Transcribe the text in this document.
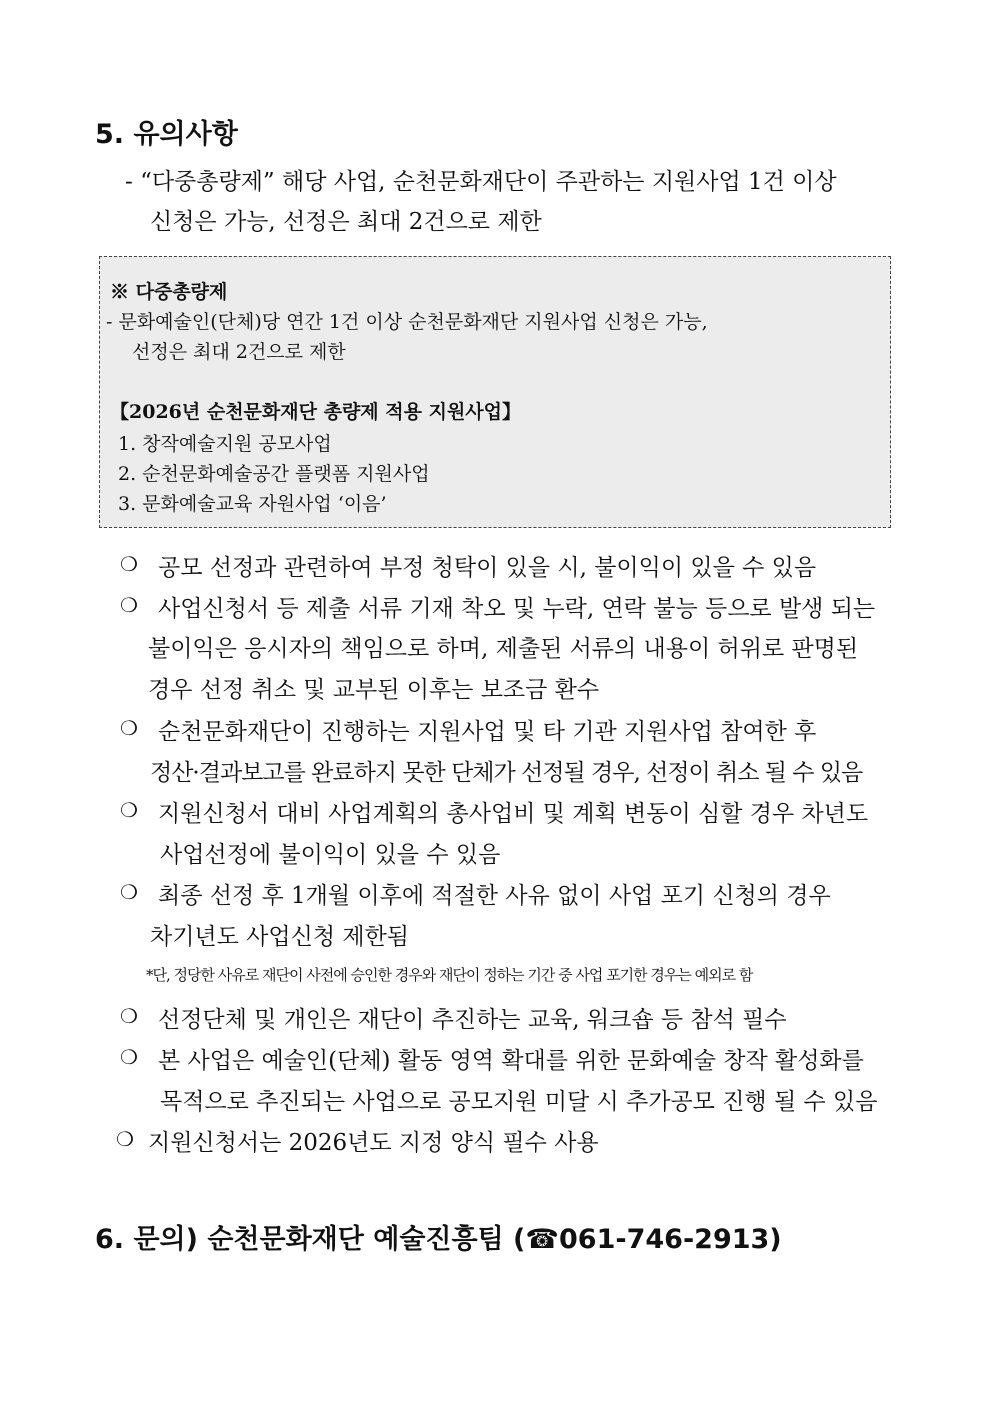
5. 유의사항
- “다중총량제” 해당 사업, 순천문화재단이 주관하는 지원사업 1건 이상
신청은 가능, 선정은 최대 2건으로 제한
※ 다중총량제
- 문화예술인(단체)당 연간 1건 이상 순천문화재단 지원사업 신청은 가능,
선정은 최대 2건으로 제한
【2026년 순천문화재단 총량제 적용 지원사업】
1. 창작예술지원 공모사업
2. 순천문화예술공간 플랫폼 지원사업
3. 문화예술교육 자원사업 ‘이음’
❍ 공모 선정과 관련하여 부정 청탁이 있을 시, 불이익이 있을 수 있음
❍ 사업신청서 등 제출 서류 기재 착오 및 누락, 연락 불능 등으로 발생 되는
불이익은 응시자의 책임으로 하며, 제출된 서류의 내용이 허위로 판명된
경우 선정 취소 및 교부된 이후는 보조금 환수
❍ 순천문화재단이 진행하는 지원사업 및 타 기관 지원사업 참여한 후
정산·결과보고를 완료하지 못한 단체가 선정될 경우, 선정이 취소 될 수 있음
❍ 지원신청서 대비 사업계획의 총사업비 및 계획 변동이 심할 경우 차년도
사업선정에 불이익이 있을 수 있음
❍ 최종 선정 후 1개월 이후에 적절한 사유 없이 사업 포기 신청의 경우
차기년도 사업신청 제한됨
*단, 정당한 사유로 재단이 사전에 승인한 경우와 재단이 정하는 기간 중 사업 포기한 경우는 예외로 함
❍ 선정단체 및 개인은 재단이 추진하는 교육, 워크숍 등 참석 필수
❍ 본 사업은 예술인(단체) 활동 영역 확대를 위한 문화예술 창작 활성화를
목적으로 추진되는 사업으로 공모지원 미달 시 추가공모 진행 될 수 있음
❍ 지원신청서는 2026년도 지정 양식 필수 사용
6. 문의) 순천문화재단 예술진흥팀 (☎061-746-2913)
